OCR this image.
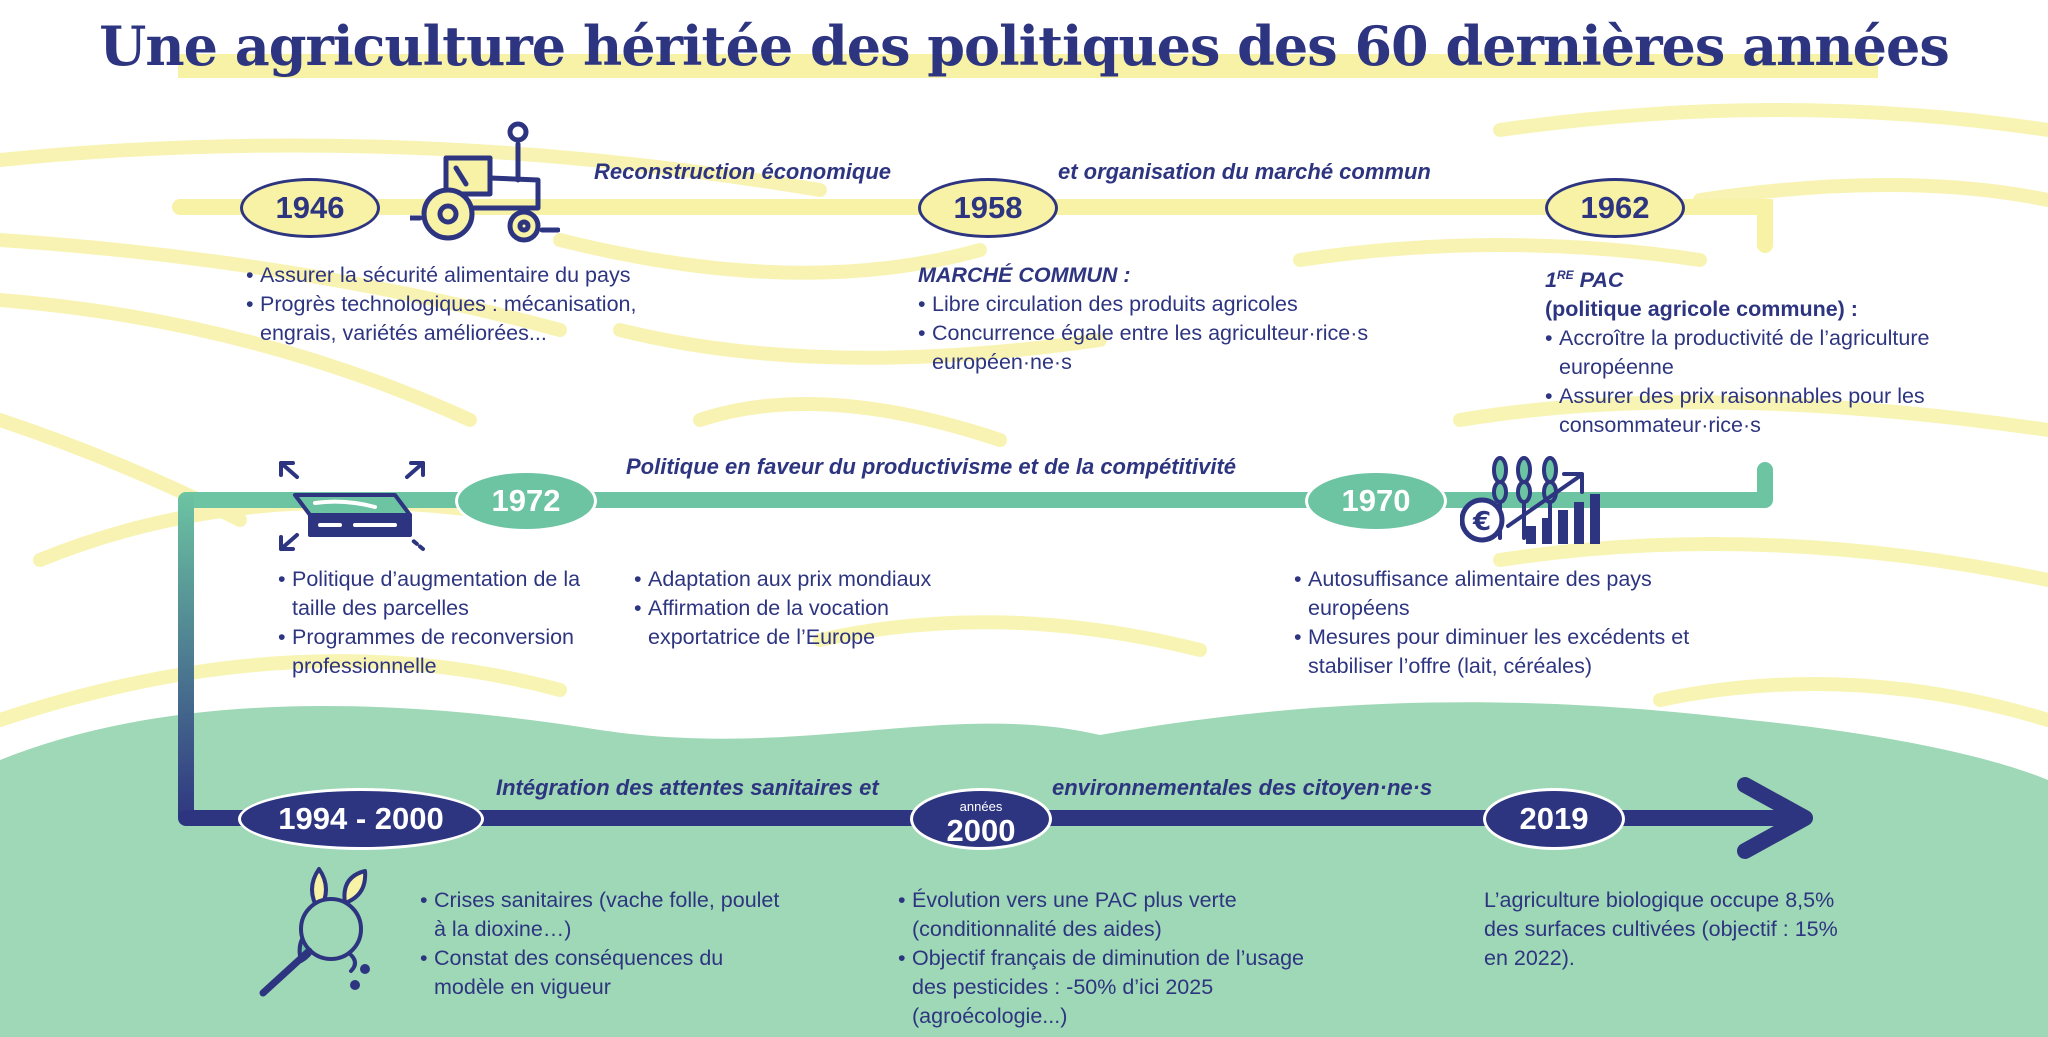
Une agriculture héritée des politiques des 60 dernières années
Reconstruction économique	et organisation du marché commun
Politique en faveur du productivisme et de la compétitivité
Intégration des attentes sanitaires et	environnementales des citoyen·ne·s
1946	1958	1962
1972	1970
1994 - 2000	années
2000	2019
• Assurer la sécurité alimentaire du pays
• Progrès technologiques : mécanisation, engrais, variétés améliorées...

MARCHÉ COMMUN :

• Libre circulation des produits agricoles
• Concurrence égale entre les agriculteur·rice·s européen·ne·s

1RE PAC

(politique agricole commune) :

• Accroître la productivité de l’agriculture européenne
• Assurer des prix raisonnables pour les consommateur·rice·s
• Politique d’augmentation de la taille des parcelles
• Programmes de reconversion professionnelle
• Adaptation aux prix mondiaux
• Affirmation de la vocation exportatrice de l’Europe
• Autosuffisance alimentaire des pays européens
• Mesures pour diminuer les excédents et stabiliser l’offre (lait, céréales)
• Crises sanitaires (vache folle, poulet à la dioxine…)
• Constat des conséquences du modèle en vigueur
• Évolution vers une PAC plus verte (conditionnalité des aides)
• Objectif français de diminution de l’usage des pesticides : -50% d’ici 2025 (agroécologie...)

L’agriculture biologique occupe 8,5% des surfaces cultivées (objectif : 15% en 2022).

€
